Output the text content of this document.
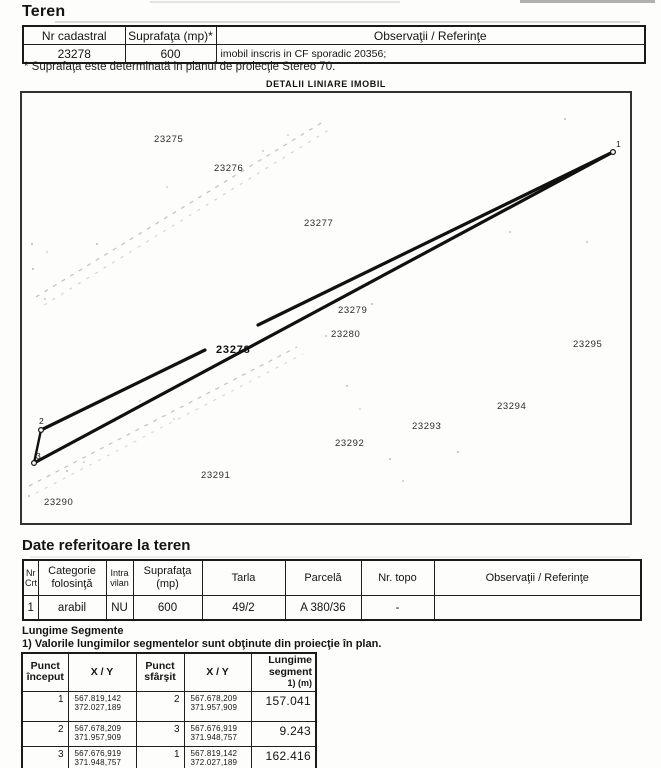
Teren
Nr cadastral	Suprafaţa (mp)*	Observaţii / Referinţe
23278	600	imobil inscris in CF sporadic 20356;
* Suprafaţa este determinată in planul de proiecţie Stereo 70.
DETALII LINIARE IMOBIL
1
2
3
23275
23276
23277
23278
23279
23280
23290
23291
23292
23293
23294
23295
Date referitoare la teren
Nr Crt	Categorie folosinţă	Intra vilan	Suprafaţa (mp)	Tarla	Parcelă	Nr. topo	Observaţii / Referinţe
1	arabil	NU	600	49/2	A 380/36	-	
Lungime Segmente
1) Valorile lungimilor segmentelor sunt obţinute din proiecţie în plan.
Punct început	X / Y	Punct sfârşit	X / Y	Lungime segment
1) (m)

1	567.819,142
372.027,189
	2	567.678,209
371.957,909	157.041
2	567.678,209
371.957,909
	3	567.676,919
371.948,757	9.243
3	567.676,919
371.948,757
	1	567.819,142
372.027,189	162.416
